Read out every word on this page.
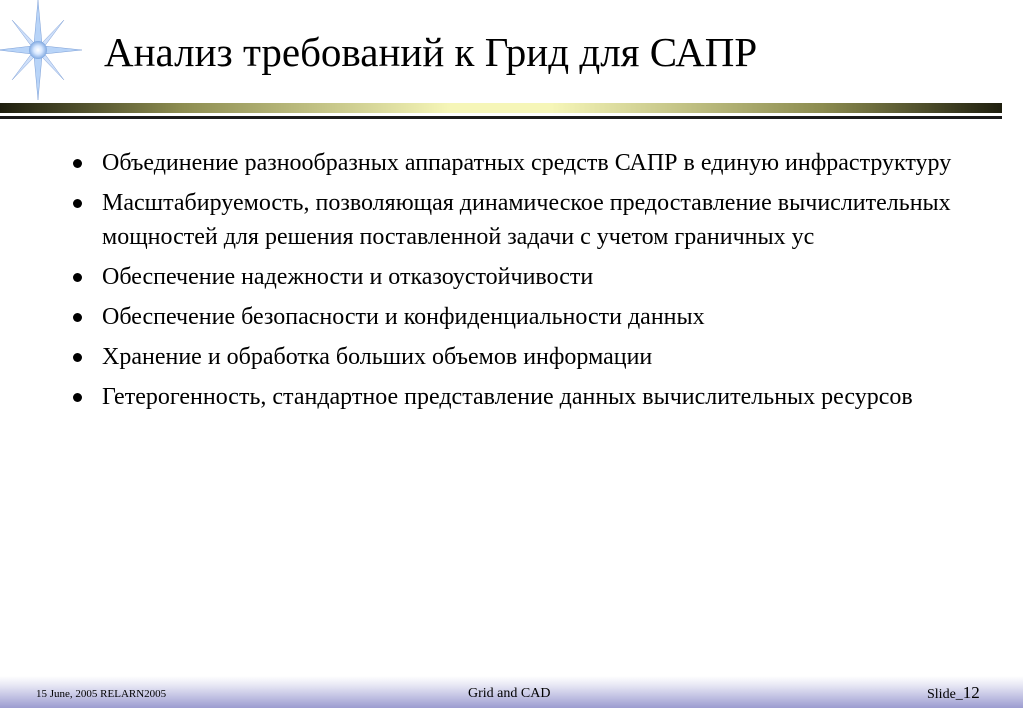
Анализ требований к Грид для САПР
Объединение разнообразных аппаратных средств САПР в единую инфраструктуру
Масштабируемость, позволяющая динамическое предоставление вычислительных мощностей для решения поставленной задачи с учетом граничных ус
Обеспечение надежности и отказоустойчивости
Обеспечение безопасности и конфиденциальности данных
Хранение и обработка больших объемов информации
Гетерогенность, стандартное представление данных вычислительных ресурсов
15 June, 2005 RELARN2005	Grid and CAD	Slide_12
